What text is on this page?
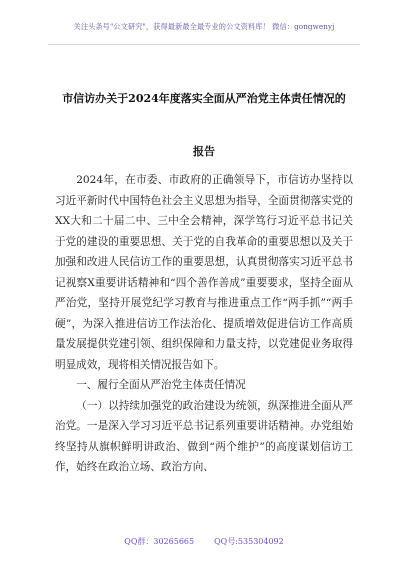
关注头条号"公文研究"，获得最新最全最专业的公文资料库！ 微信：gongwenyj
市信访办关于2024年度落实全面从严治党主体责任情况的
报告

2024年，在市委、市政府的正确领导下，市信访办坚持以习近平新时代中国特色社会主义思想为指导，全面贯彻落实党的XX大和二十届二中、三中全会精神，深学笃行习近平总书记关于党的建设的重要思想、关于党的自我革命的重要思想以及关于加强和改进人民信访工作的重要思想，认真贯彻落实习近平总书记视察X重要讲话精神和“四个善作善成”重要要求，坚持全面从严治党，坚持开展党纪学习教育与推进重点工作“两手抓”“两手硬”，为深入推进信访工作法治化、提质增效促进信访工作高质量发展提供党建引领、组织保障和力量支持，以党建促业务取得明显成效，现将相关情况报告如下。

一、履行全面从严治党主体责任情况

（一）以持续加强党的政治建设为统领，纵深推进全面从严治党。一是深入学习习近平总书记系列重要讲话精神。办党组始终坚持从旗帜鲜明讲政治、做到“两个维护”的高度谋划信访工作，始终在政治立场、政治方向、

QQ群：30265665	QQ号:535304092
